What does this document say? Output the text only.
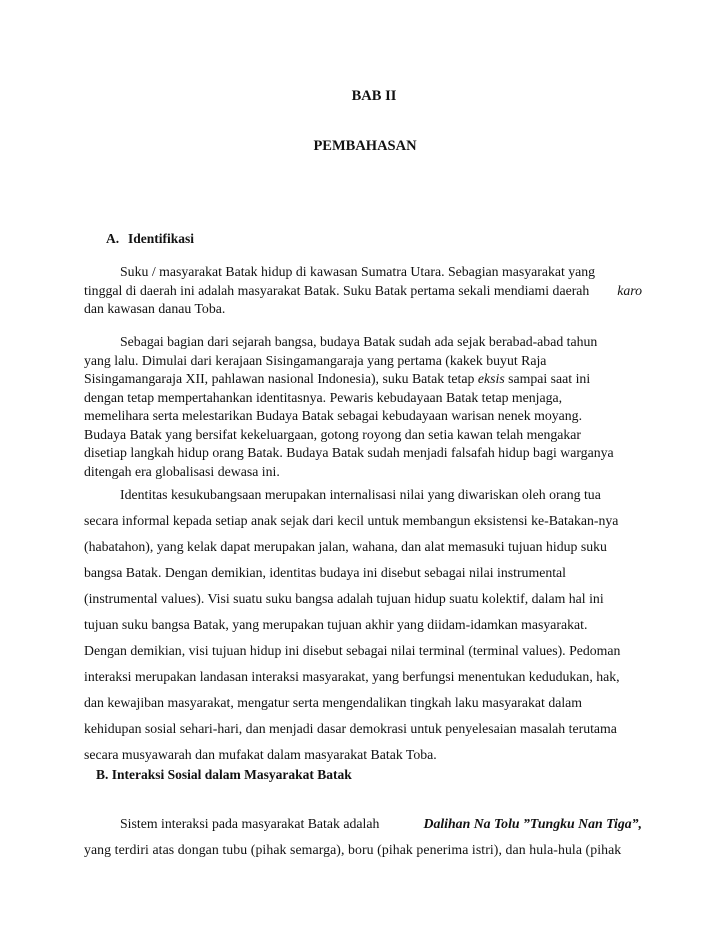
BAB II
PEMBAHASAN
A. Identifikasi
Suku / masyarakat Batak hidup di kawasan Sumatra Utara. Sebagian masyarakat yang
tinggal di daerah ini adalah masyarakat Batak. Suku Batak pertama sekali mendiami daerah karo
dan kawasan danau Toba.
Sebagai bagian dari sejarah bangsa, budaya Batak sudah ada sejak berabad-abad tahun
yang lalu. Dimulai dari kerajaan Sisingamangaraja yang pertama (kakek buyut Raja
Sisingamangaraja XII, pahlawan nasional Indonesia), suku Batak tetap eksis sampai saat ini
dengan tetap mempertahankan identitasnya. Pewaris kebudayaan Batak tetap menjaga,
memelihara serta melestarikan Budaya Batak sebagai kebudayaan warisan nenek moyang.
Budaya Batak yang bersifat kekeluargaan, gotong royong dan setia kawan telah mengakar
disetiap langkah hidup orang Batak. Budaya Batak sudah menjadi falsafah hidup bagi warganya
ditengah era globalisasi dewasa ini.
Identitas kesukubangsaan merupakan internalisasi nilai yang diwariskan oleh orang tua
secara informal kepada setiap anak sejak dari kecil untuk membangun eksistensi ke-Batakan-nya
(habatahon), yang kelak dapat merupakan jalan, wahana, dan alat memasuki tujuan hidup suku
bangsa Batak. Dengan demikian, identitas budaya ini disebut sebagai nilai instrumental
(instrumental values). Visi suatu suku bangsa adalah tujuan hidup suatu kolektif, dalam hal ini
tujuan suku bangsa Batak, yang merupakan tujuan akhir yang diidam-idamkan masyarakat.
Dengan demikian, visi tujuan hidup ini disebut sebagai nilai terminal (terminal values). Pedoman
interaksi merupakan landasan interaksi masyarakat, yang berfungsi menentukan kedudukan, hak,
dan kewajiban masyarakat, mengatur serta mengendalikan tingkah laku masyarakat dalam
kehidupan sosial sehari-hari, dan menjadi dasar demokrasi untuk penyelesaian masalah terutama
secara musyawarah dan mufakat dalam masyarakat Batak Toba.
B. Interaksi Sosial dalam Masyarakat Batak
Sistem interaksi pada masyarakat Batak adalah	Dalihan Na Tolu ”Tungku Nan Tiga”,
yang terdiri atas dongan tubu (pihak semarga), boru (pihak penerima istri), dan hula-hula (pihak
